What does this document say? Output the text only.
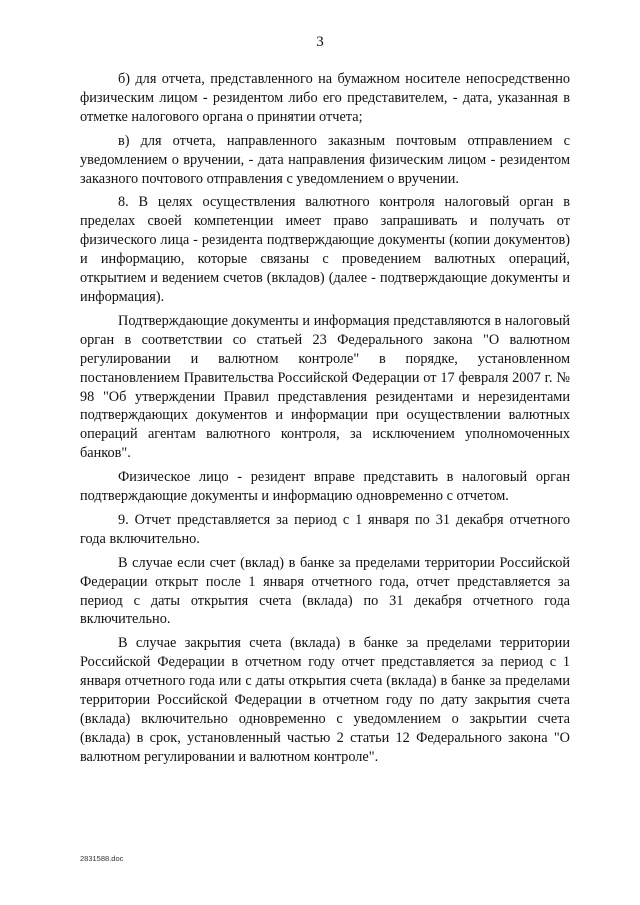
3

б) для отчета, представленного на бумажном носителе непосредственно физическим лицом - резидентом либо его представителем, - дата, указанная в отметке налогового органа о принятии отчета;

в) для отчета, направленного заказным почтовым отправлением с уведомлением о вручении, - дата направления физическим лицом - резидентом заказного почтового отправления с уведомлением о вручении.

8. В целях осуществления валютного контроля налоговый орган в пределах своей компетенции имеет право запрашивать и получать от физического лица - резидента подтверждающие документы (копии документов) и информацию, которые связаны с проведением валютных операций, открытием и ведением счетов (вкладов) (далее - подтверждающие документы и информация).

Подтверждающие документы и информация представляются в налоговый орган в соответствии со статьей 23 Федерального закона "О валютном регулировании и валютном контроле" в порядке, установленном постановлением Правительства Российской Федерации от 17 февраля 2007 г. № 98 "Об утверждении Правил представления резидентами и нерезидентами подтверждающих документов и информации при осуществлении валютных операций агентам валютного контроля, за исключением уполномоченных банков".

Физическое лицо - резидент вправе представить в налоговый орган подтверждающие документы и информацию одновременно с отчетом.

9. Отчет представляется за период с 1 января по 31 декабря отчетного года включительно.

В случае если счет (вклад) в банке за пределами территории Российской Федерации открыт после 1 января отчетного года, отчет представляется за период с даты открытия счета (вклада) по 31 декабря отчетного года включительно.

В случае закрытия счета (вклада) в банке за пределами территории Российской Федерации в отчетном году отчет представляется за период с 1 января отчетного года или с даты открытия счета (вклада) в банке за пределами территории Российской Федерации в отчетном году по дату закрытия счета (вклада) включительно одновременно с уведомлением о закрытии счета (вклада) в срок, установленный частью 2 статьи 12 Федерального закона "О валютном регулировании и валютном контроле".

2831588.doc
